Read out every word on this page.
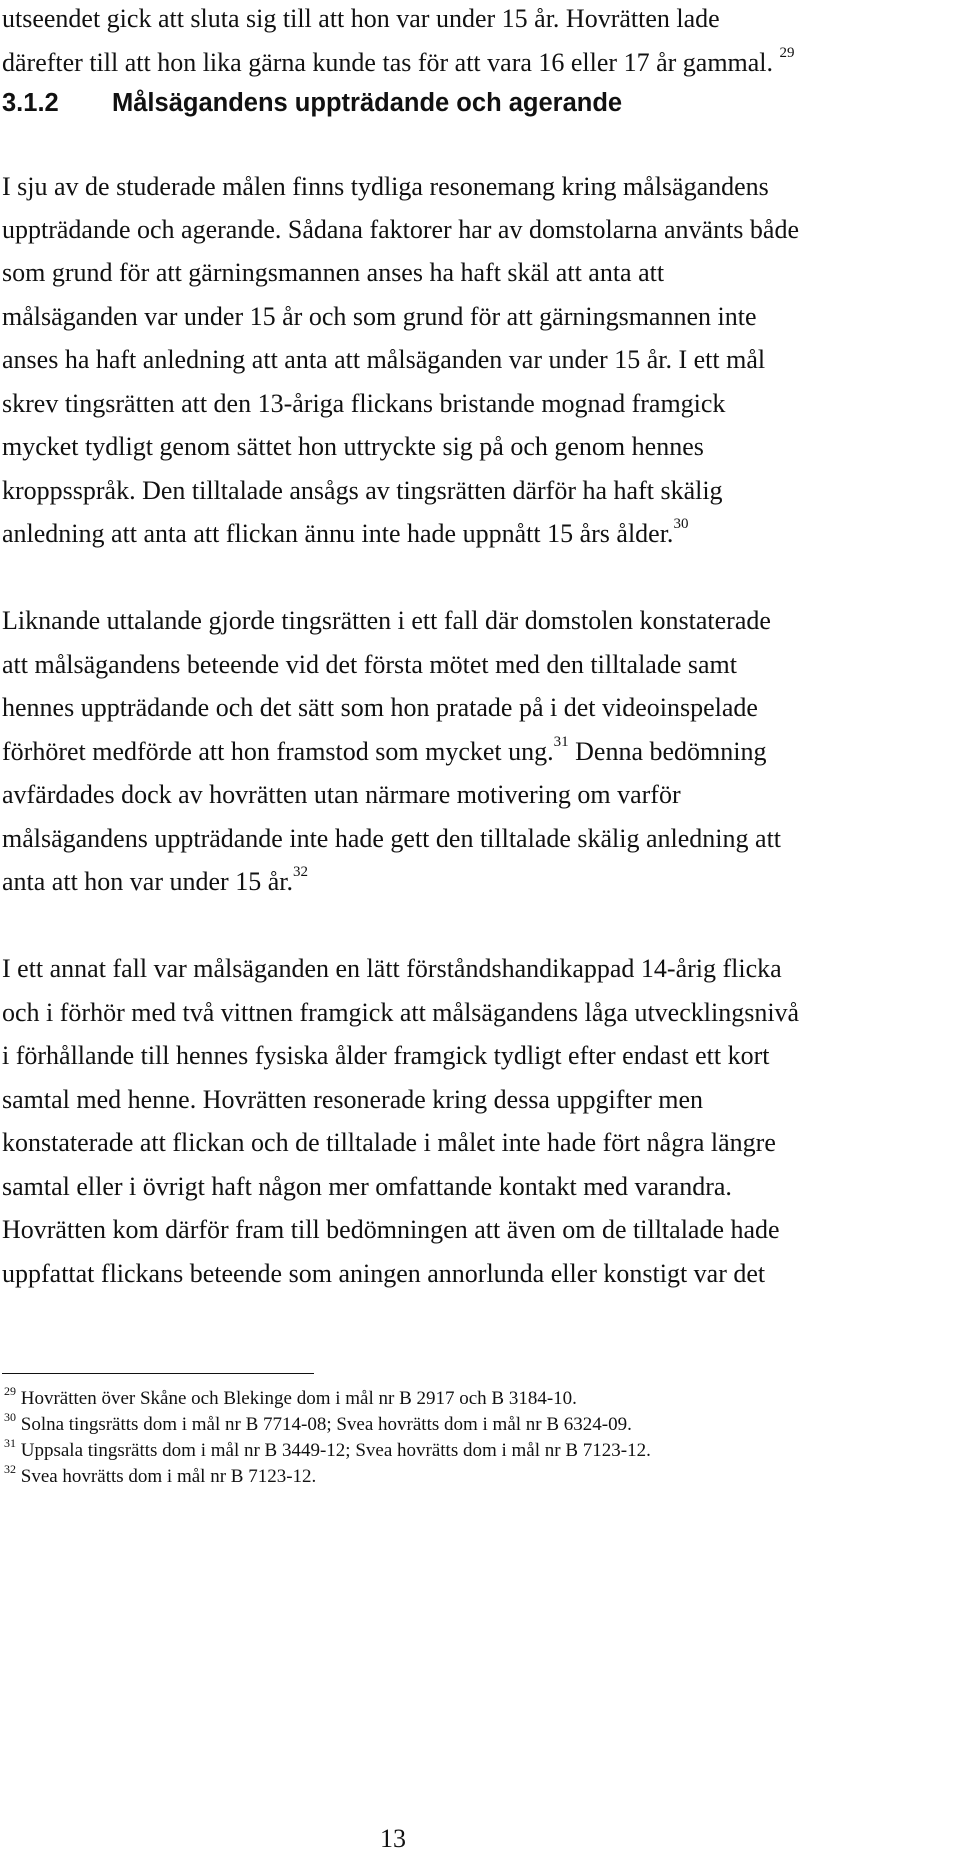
utseendet gick att sluta sig till att hon var under 15 år. Hovrätten lade
därefter till att hon lika gärna kunde tas för att vara 16 eller 17 år gammal. $^{29}$
3.1.2 Målsägandens uppträdande och agerande
I sju av de studerade målen finns tydliga resonemang kring målsägandens
uppträdande och agerande. Sådana faktorer har av domstolarna använts både
som grund för att gärningsmannen anses ha haft skäl att anta att
målsäganden var under 15 år och som grund för att gärningsmannen inte
anses ha haft anledning att anta att målsäganden var under 15 år. I ett mål
skrev tingsrätten att den 13-åriga flickans bristande mognad framgick
mycket tydligt genom sättet hon uttryckte sig på och genom hennes
kroppsspråk. Den tilltalade ansågs av tingsrätten därför ha haft skälig
anledning att anta att flickan ännu inte hade uppnått 15 års ålder.$^{30}$
Liknande uttalande gjorde tingsrätten i ett fall där domstolen konstaterade
att målsägandens beteende vid det första mötet med den tilltalade samt
hennes uppträdande och det sätt som hon pratade på i det videoinspelade
förhöret medförde att hon framstod som mycket ung.$^{31}$ Denna bedömning
avfärdades dock av hovrätten utan närmare motivering om varför
målsägandens uppträdande inte hade gett den tilltalade skälig anledning att
anta att hon var under 15 år.$^{32}$
I ett annat fall var målsäganden en lätt förståndshandikappad 14-årig flicka
och i förhör med två vittnen framgick att målsägandens låga utvecklingsnivå
i förhållande till hennes fysiska ålder framgick tydligt efter endast ett kort
samtal med henne. Hovrätten resonerade kring dessa uppgifter men
konstaterade att flickan och de tilltalade i målet inte hade fört några längre
samtal eller i övrigt haft någon mer omfattande kontakt med varandra.
Hovrätten kom därför fram till bedömningen att även om de tilltalade hade
uppfattat flickans beteende som aningen annorlunda eller konstigt var det
$^{29}$ Hovrätten över Skåne och Blekinge dom i mål nr B 2917 och B 3184-10.
$^{30}$ Solna tingsrätts dom i mål nr B 7714-08; Svea hovrätts dom i mål nr B 6324-09.
$^{31}$ Uppsala tingsrätts dom i mål nr B 3449-12; Svea hovrätts dom i mål nr B 7123-12.
$^{32}$ Svea hovrätts dom i mål nr B 7123-12.
13
